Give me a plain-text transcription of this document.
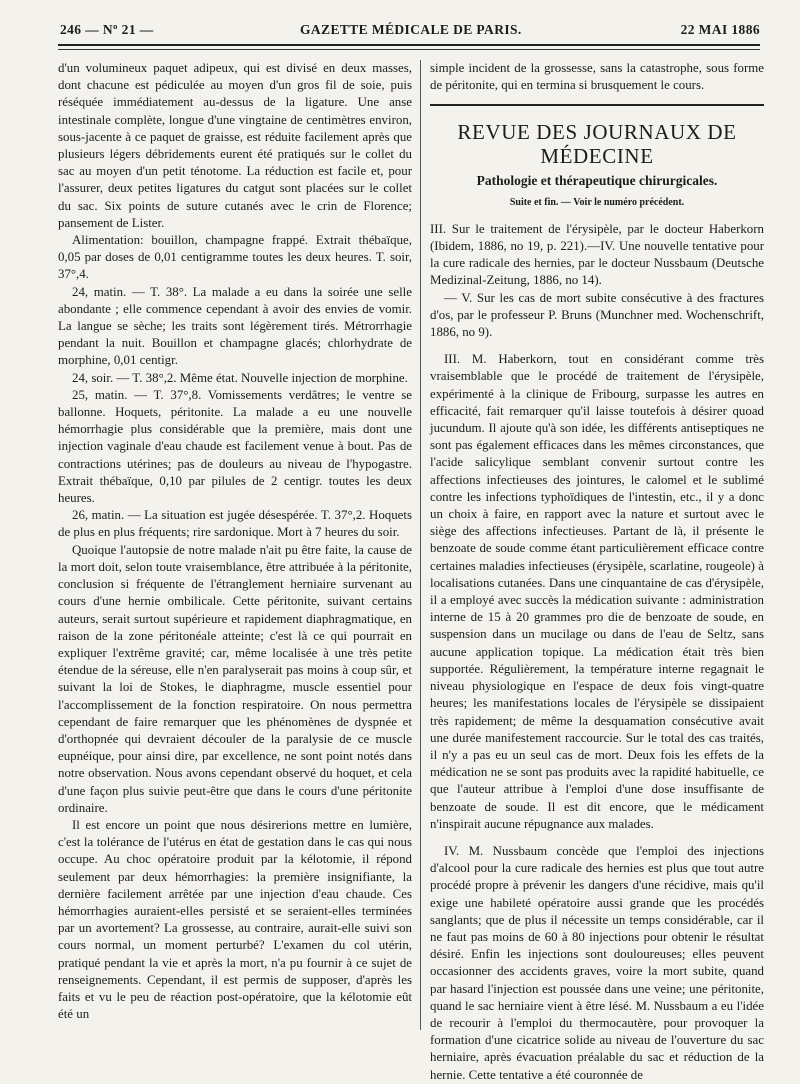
246 — Nº 21 —	GAZETTE MÉDICALE DE PARIS.	22 MAI 1886

d'un volumineux paquet adipeux, qui est divisé en deux masses, dont chacune est pédiculée au moyen d'un gros fil de soie, puis réséquée immédiatement au-dessus de la ligature. Une anse intestinale complète, longue d'une vingtaine de centimètres environ, sous-jacente à ce paquet de graisse, est réduite facilement après que plusieurs légers débridements eurent été pratiqués sur le collet du sac au moyen d'un petit ténotome. La réduction est facile et, pour l'assurer, deux petites ligatures du catgut sont placées sur le collet du sac. Six points de suture cutanés avec le crin de Florence; pansement de Lister.

Alimentation: bouillon, champagne frappé. Extrait thébaïque, 0,05 par doses de 0,01 centigramme toutes les deux heures. T. soir, 37°,4.

24, matin. — T. 38°. La malade a eu dans la soirée une selle abondante ; elle commence cependant à avoir des envies de vomir. La langue se sèche; les traits sont légèrement tirés. Métrorrhagie pendant la nuit. Bouillon et champagne glacés; chlorhydrate de morphine, 0,01 centigr.

24, soir. — T. 38°,2. Même état. Nouvelle injection de morphine.

25, matin. — T. 37°,8. Vomissements verdâtres; le ventre se ballonne. Hoquets, péritonite. La malade a eu une nouvelle hémorrhagie plus considérable que la première, mais dont une injection vaginale d'eau chaude est facilement venue à bout. Pas de contractions utérines; pas de douleurs au niveau de l'hypogastre. Extrait thébaïque, 0,10 par pilules de 2 centigr. toutes les deux heures.

26, matin. — La situation est jugée désespérée. T. 37°,2. Hoquets de plus en plus fréquents; rire sardonique. Mort à 7 heures du soir.

Quoique l'autopsie de notre malade n'ait pu être faite, la cause de la mort doit, selon toute vraisemblance, être attribuée à la péritonite, conclusion si fréquente de l'étranglement herniaire survenant au cours d'une hernie ombilicale. Cette péritonite, suivant certains auteurs, serait surtout supérieure et rapidement diaphragmatique, en raison de la zone péritonéale atteinte; c'est là ce qui pourrait en expliquer l'extrême gravité; car, même localisée à une très petite étendue de la séreuse, elle n'en paralyserait pas moins à coup sûr, et suivant la loi de Stokes, le diaphragme, muscle essentiel pour l'accomplissement de la fonction respiratoire. On nous permettra cependant de faire remarquer que les phénomènes de dyspnée et d'orthopnée qui devraient découler de la paralysie de ce muscle eupnéique, pour ainsi dire, par excellence, ne sont point notés dans notre observation. Nous avons cependant observé du hoquet, et cela d'une façon plus suivie peut-être que dans le cours d'une péritonite ordinaire.

Il est encore un point que nous désirerions mettre en lumière, c'est la tolérance de l'utérus en état de gestation dans le cas qui nous occupe. Au choc opératoire produit par la kélotomie, il répond seulement par deux hémorrhagies: la première insignifiante, la dernière facilement arrêtée par une injection d'eau chaude. Ces hémorrhagies auraient-elles persisté et se seraient-elles terminées par un avortement? La grossesse, au contraire, aurait-elle suivi son cours normal, un moment perturbé? L'examen du col utérin, pratiqué pendant la vie et après la mort, n'a pu fournir à ce sujet de renseignements. Cependant, il est permis de supposer, d'après les faits et vu le peu de réaction post-opératoire, que la kélotomie eût été un

simple incident de la grossesse, sans la catastrophe, sous forme de péritonite, qui en termina si brusquement le cours.

REVUE DES JOURNAUX DE MÉDECINE
Pathologie et thérapeutique chirurgicales.
Suite et fin. — Voir le numéro précédent.

III. Sur le traitement de l'érysipèle, par le docteur Haberkorn (Ibidem, 1886, no 19, p. 221).—IV. Une nouvelle tentative pour la cure radicale des hernies, par le docteur Nussbaum (Deutsche Medizinal-Zeitung, 1886, no 14).

— V. Sur les cas de mort subite consécutive à des fractures d'os, par le professeur P. Bruns (Munchner med. Wochenschrift, 1886, no 9).

III. M. Haberkorn, tout en considérant comme très vraisemblable que le procédé de traitement de l'érysipèle, expérimenté à la clinique de Fribourg, surpasse les autres en efficacité, fait remarquer qu'il laisse toutefois à désirer quoad jucundum. Il ajoute qu'à son idée, les différents antiseptiques ne sont pas également efficaces dans les mêmes circonstances, que l'acide salicylique semblant convenir surtout contre les affections infectieuses des jointures, le calomel et le sublimé contre les infections typhoïdiques de l'intestin, etc., il y a donc un choix à faire, en rapport avec la nature et surtout avec le siège des affections infectieuses. Partant de là, il présente le benzoate de soude comme étant particulièrement efficace contre certaines maladies infectieuses (érysipèle, scarlatine, rougeole) à localisations cutanées. Dans une cinquantaine de cas d'érysipèle, il a employé avec succès la médication suivante : administration interne de 15 à 20 grammes pro die de benzoate de soude, en suspension dans un mucilage ou dans de l'eau de Seltz, sans aucune application topique. La médication était très bien supportée. Régulièrement, la température interne regagnait le niveau physiologique en l'espace de deux fois vingt-quatre heures; les manifestations locales de l'érysipèle se dissipaient très rapidement; de même la desquamation consécutive avait une durée manifestement raccourcie. Sur le total des cas traités, il n'y a pas eu un seul cas de mort. Deux fois les effets de la médication ne se sont pas produits avec la rapidité habituelle, ce que l'auteur attribue à l'emploi d'une dose insuffisante de benzoate de soude. Il est dit encore, que le médicament n'inspirait aucune répugnance aux malades.

IV. M. Nussbaum concède que l'emploi des injections d'alcool pour la cure radicale des hernies est plus que tout autre procédé propre à prévenir les dangers d'une récidive, mais qu'il exige une habileté opératoire aussi grande que les procédés sanglants; que de plus il nécessite un temps considérable, car il ne faut pas moins de 60 à 80 injections pour obtenir le résultat désiré. Enfin les injections sont douloureuses; elles peuvent occasionner des accidents graves, voire la mort subite, quand par hasard l'injection est poussée dans une veine; une péritonite, quand le sac herniaire vient à être lésé. M. Nussbaum a eu l'idée de recourir à l'emploi du thermocautère, pour provoquer la formation d'une cicatrice solide au niveau de l'ouverture du sac herniaire, après évacuation préalable du sac et réduction de la hernie. Cette tentative a été couronnée de
